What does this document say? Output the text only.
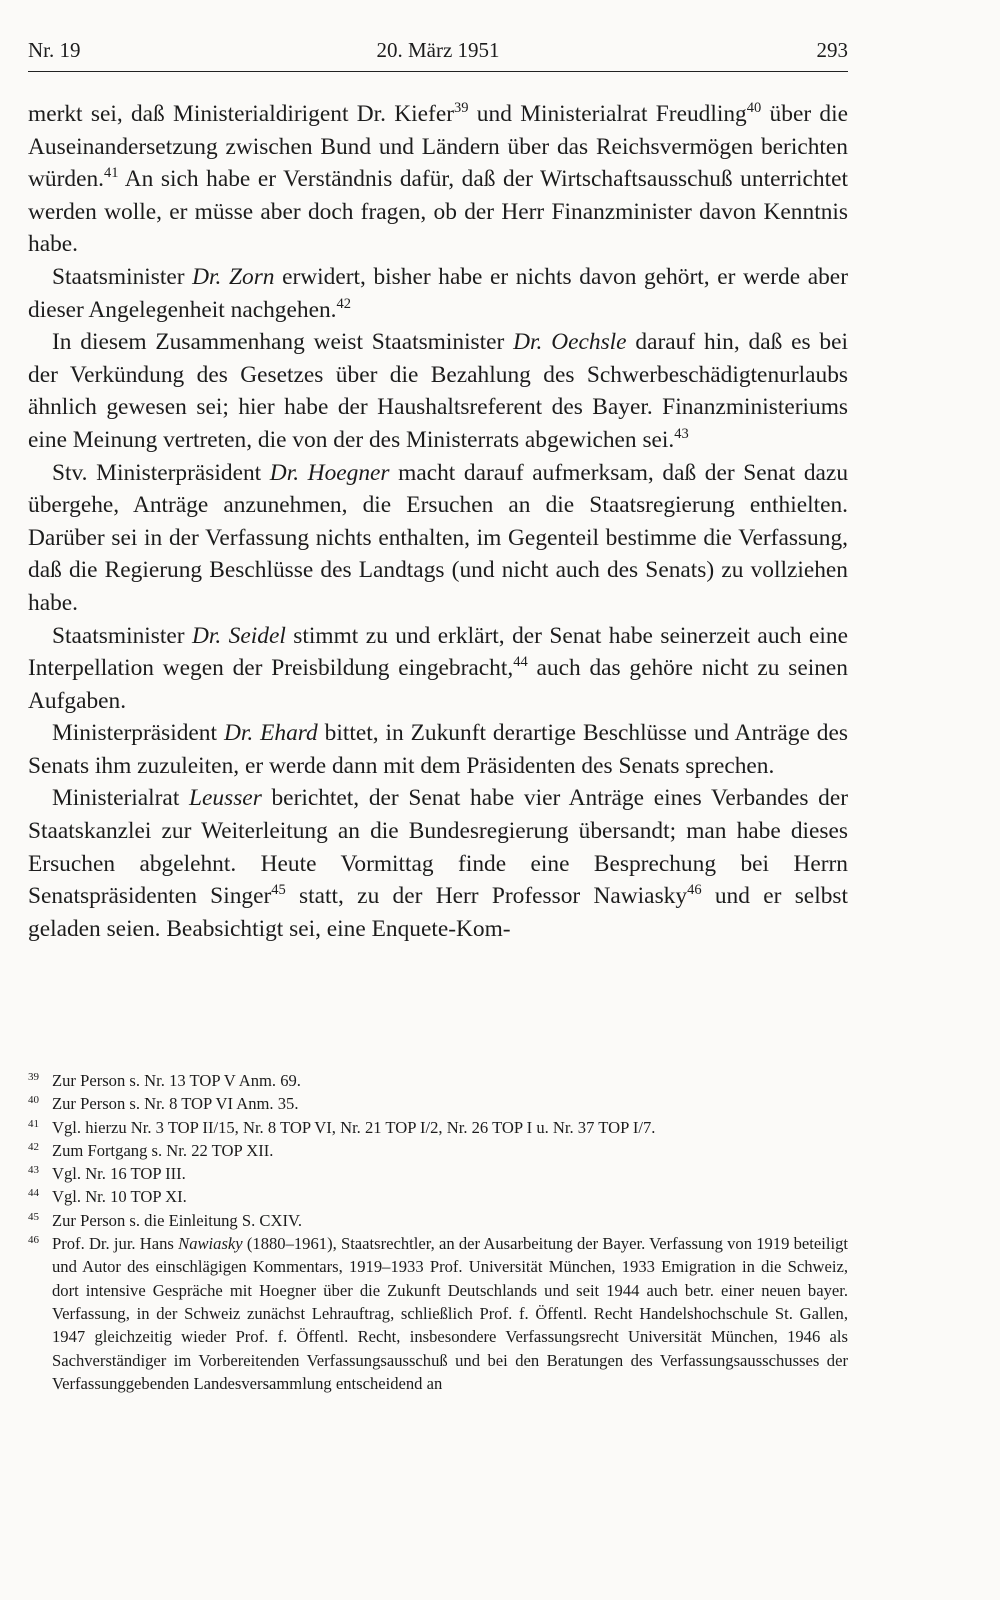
Nr. 19	20. März 1951	293

merkt sei, daß Ministerialdirigent Dr. Kiefer$^{39}$ und Ministerialrat Freudling$^{40}$ über die Auseinandersetzung zwischen Bund und Ländern über das Reichsvermögen berichten würden.$^{41}$ An sich habe er Verständnis dafür, daß der Wirtschaftsausschuß unterrichtet werden wolle, er müsse aber doch fragen, ob der Herr Finanzminister davon Kenntnis habe.

Staatsminister Dr. Zorn erwidert, bisher habe er nichts davon gehört, er werde aber dieser Angelegenheit nachgehen.$^{42}$

In diesem Zusammenhang weist Staatsminister Dr. Oechsle darauf hin, daß es bei der Verkündung des Gesetzes über die Bezahlung des Schwerbeschädigtenurlaubs ähnlich gewesen sei; hier habe der Haushaltsreferent des Bayer. Finanzministeriums eine Meinung vertreten, die von der des Ministerrats abgewichen sei.$^{43}$

Stv. Ministerpräsident Dr. Hoegner macht darauf aufmerksam, daß der Senat dazu übergehe, Anträge anzunehmen, die Ersuchen an die Staatsregierung enthielten. Darüber sei in der Verfassung nichts enthalten, im Gegenteil bestimme die Verfassung, daß die Regierung Beschlüsse des Landtags (und nicht auch des Senats) zu vollziehen habe.

Staatsminister Dr. Seidel stimmt zu und erklärt, der Senat habe seinerzeit auch eine Interpellation wegen der Preisbildung eingebracht,$^{44}$ auch das gehöre nicht zu seinen Aufgaben.

Ministerpräsident Dr. Ehard bittet, in Zukunft derartige Beschlüsse und Anträge des Senats ihm zuzuleiten, er werde dann mit dem Präsidenten des Senats sprechen.

Ministerialrat Leusser berichtet, der Senat habe vier Anträge eines Verbandes der Staatskanzlei zur Weiterleitung an die Bundesregierung übersandt; man habe dieses Ersuchen abgelehnt. Heute Vormittag finde eine Besprechung bei Herrn Senatspräsidenten Singer$^{45}$ statt, zu der Herr Professor Nawiasky$^{46}$ und er selbst geladen seien. Beabsichtigt sei, eine Enquete-Kom-

39 Zur Person s. Nr. 13 TOP V Anm. 69.
40 Zur Person s. Nr. 8 TOP VI Anm. 35.
41 Vgl. hierzu Nr. 3 TOP II/15, Nr. 8 TOP VI, Nr. 21 TOP I/2, Nr. 26 TOP I u. Nr. 37 TOP I/7.
42 Zum Fortgang s. Nr. 22 TOP XII.
43 Vgl. Nr. 16 TOP III.
44 Vgl. Nr. 10 TOP XI.
45 Zur Person s. die Einleitung S. CXIV.
46 Prof. Dr. jur. Hans Nawiasky (1880–1961), Staatsrechtler, an der Ausarbeitung der Bayer. Verfassung von 1919 beteiligt und Autor des einschlägigen Kommentars, 1919–1933 Prof. Universität München, 1933 Emigration in die Schweiz, dort intensive Gespräche mit Hoegner über die Zukunft Deutschlands und seit 1944 auch betr. einer neuen bayer. Verfassung, in der Schweiz zunächst Lehrauftrag, schließlich Prof. f. Öffentl. Recht Handelshochschule St. Gallen, 1947 gleichzeitig wieder Prof. f. Öffentl. Recht, insbesondere Verfassungsrecht Universität München, 1946 als Sachverständiger im Vorbereitenden Verfassungsausschuß und bei den Beratungen des Verfassungsausschusses der Verfassunggebenden Landesversammlung entscheidend an
